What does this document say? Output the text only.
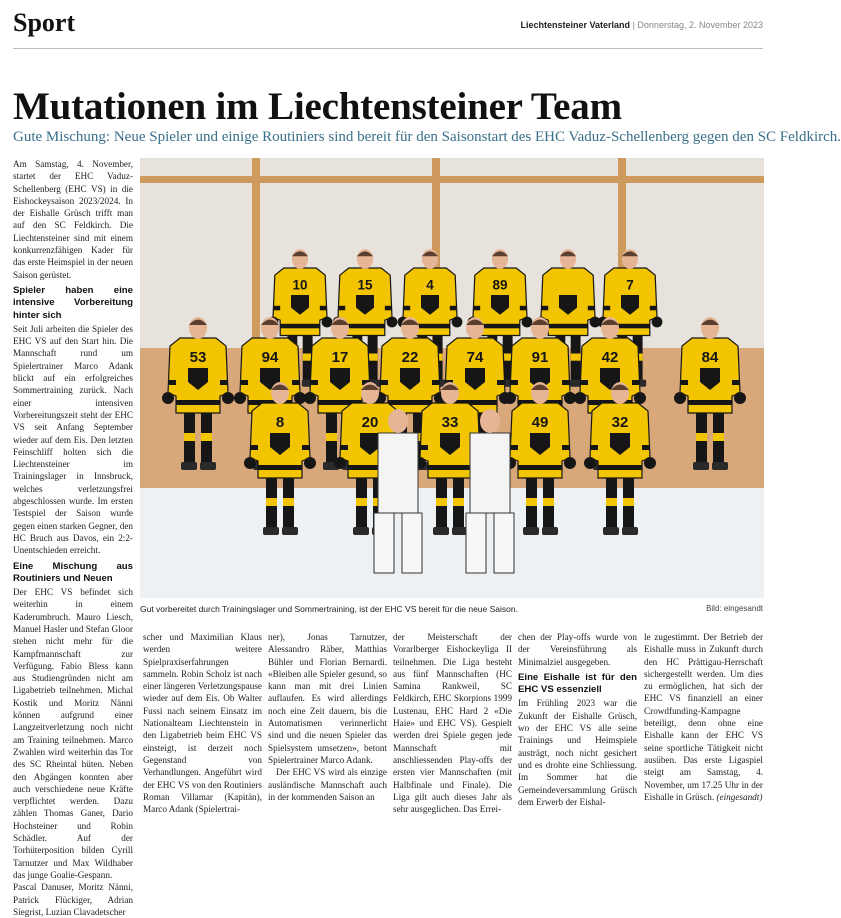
Sport	Liechtensteiner Vaterland | Donnerstag, 2. November 2023
Mutationen im Liechtensteiner Team
Gute Mischung: Neue Spieler und einige Routiniers sind bereit für den Saisonstart des EHC Vaduz-Schellenberg gegen den SC Feldkirch.

Am Samstag, 4. November, startet der EHC Vaduz-Schellenberg (EHC VS) in die Eishockeysaison 2023/2024. In der Eishalle Grüsch trifft man auf den SC Feldkirch. Die Liechtensteiner sind mit einem konkurrenzfähigen Kader für das erste Heimspiel in der neuen Saison gerüstet.

Spieler haben eine intensive Vorbereitung hinter sich

Seit Juli arbeiten die Spieler des EHC VS auf den Start hin. Die Mannschaft rund um Spielertrainer Marco Adank blickt auf ein erfolgreiches Sommertraining zurück. Nach einer intensiven Vorbereitungszeit steht der EHC VS seit Anfang September wieder auf dem Eis. Den letzten Feinschliff holten sich die Liechtensteiner im Trainingslager in Innsbruck, welches verletzungsfrei abgeschlossen wurde. Im ersten Testspiel der Saison wurde gegen einen starken Gegner, den HC Bruch aus Davos, ein 2:2-Unentschieden erreicht.

Eine Mischung aus Routiniers und Neuen

Der EHC VS befindet sich weiterhin in einem Kaderumbruch. Mauro Liesch, Manuel Hasler und Stefan Gloor stehen nicht mehr für die Kampfmannschaft zur Verfügung. Fabio Bless kann aus Studiengründen nicht am Ligabetrieb teilnehmen. Michal Kostik und Moritz Nänni können aufgrund einer Langzeitverletzung noch nicht am Training teilnehmen. Marco Zwahlen wird weiterhin das Tor des SC Rheintal hüten. Neben den Abgängen konnten aber auch verschiedene neue Kräfte verpflichtet werden. Dazu zählen Thomas Ganer, Dario Hochsteiner und Robin Schädler. Auf der Torhüterposition bilden Cyrill Tarnutzer und Max Wildhaber das junge Goalie-Gespann.

Pascal Danuser, Moritz Nänni, Patrick Flückiger, Adrian Siegrist, Luzian Clavadetscher

10	15	4	89	7
53	94	17	22	74	91	42	84
8	20	33	49	32
Gut vorbereitet durch Trainingslager und Sommertraining, ist der EHC VS bereit für die neue Saison.	Bild: eingesandt

scher und Maximilian Klaus werden weitere Spielpraxiserfahrungen sammeln. Robin Scholz ist nach einer längeren Verletzungspause wieder auf dem Eis. Ob Walter Fussi nach seinem Einsatz im Nationalteam Liechtenstein in den Ligabetrieb beim EHC VS einsteigt, ist derzeit noch Gegenstand von Verhandlungen. Angeführt wird der EHC VS von den Routiniers Roman Villamar (Kapitän), Marco Adank (Spielertrai-

ner), Jonas Tarnutzer, Alessandro Räber, Matthias Bühler und Florian Bernardi. «Bleiben alle Spieler gesund, so kann man mit drei Linien auflaufen. Es wird allerdings noch eine Zeit dauern, bis die Automatismen verinnerlicht sind und die neuen Spieler das Spielsystem umsetzen», betont Spielertrainer Marco Adank.

Der EHC VS wird als einzige ausländische Mannschaft auch in der kommenden Saison an

der Meisterschaft der Vorarlberger Eishockeyliga II teilnehmen. Die Liga besteht aus fünf Mannschaften (HC Samina Rankweil, SC Feldkirch, EHC Skorpions 1999 Lustenau, EHC Hard 2 «Die Haie» und EHC VS). Gespielt werden drei Spiele gegen jede Mannschaft mit anschliessenden Play-offs der ersten vier Mannschaften (mit Halbfinale und Finale). Die Liga gilt auch dieses Jahr als sehr ausgeglichen. Das Errei-

chen der Play-offs wurde von der Vereinsführung als Minimalziel ausgegeben.

Eine Eishalle ist für den EHC VS essenziell

Im Frühling 2023 war die Zukunft der Eishalle Grüsch, wo der EHC VS alle seine Trainings und Heimspiele austrägt, noch nicht gesichert und es drohte eine Schliessung. Im Sommer hat die Gemeindeversammlung Grüsch dem Erwerb der Eishal-

le zugestimmt. Der Betrieb der Eishalle muss in Zukunft durch den HC Prättigau-Herrschaft sichergestellt werden. Um dies zu ermöglichen, hat sich der EHC VS finanziell an einer Crowdfunding-Kampagne beteiligt, denn ohne eine Eishalle kann der EHC VS seine sportliche Tätigkeit nicht ausüben. Das erste Ligaspiel steigt am Samstag, 4. November, um 17.25 Uhr in der Eishalle in Grüsch. (eingesandt)
